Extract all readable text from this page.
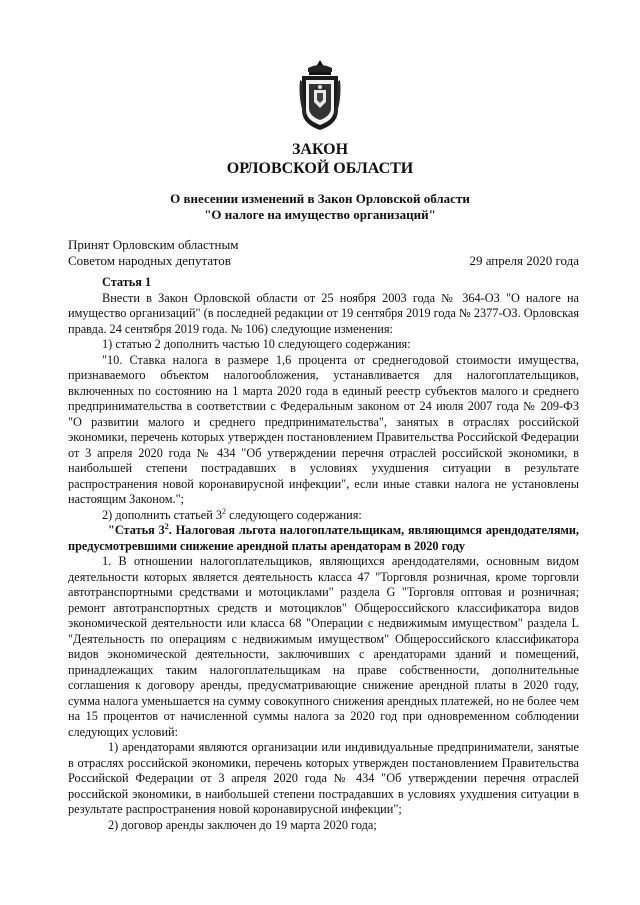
ЗАКОН
ОРЛОВСКОЙ ОБЛАСТИ
О внесении изменений в Закон Орловской области
"О налоге на имущество организаций"
Принят Орловским областным
Советом народных депутатов	29 апреля 2020 года

Статья 1

Внести в Закон Орловской области от 25 ноября 2003 года № 364-ОЗ "О налоге на имущество организаций" (в последней редакции от 19 сентября 2019 года № 2377-ОЗ. Орловская правда. 24 сентября 2019 года. № 106) следующие изменения:

1) статью 2 дополнить частью 10 следующего содержания:

"10. Ставка налога в размере 1,6 процента от среднегодовой стоимости имущества, признаваемого объектом налогообложения, устанавливается для налогоплательщиков, включенных по состоянию на 1 марта 2020 года в единый реестр субъектов малого и среднего предпринимательства в соответствии с Федеральным законом от 24 июля 2007 года № 209-ФЗ "О развитии малого и среднего предпринимательства", занятых в отраслях российской экономики, перечень которых утвержден постановлением Правительства Российской Федерации от 3 апреля 2020 года № 434 "Об утверждении перечня отраслей российской экономики, в наибольшей степени пострадавших в условиях ухудшения ситуации в результате распространения новой коронавирусной инфекции", если иные ставки налога не установлены настоящим Законом.";

2) дополнить статьей $3^2$ следующего содержания:

"Статья $3^2$. Налоговая льгота налогоплательщикам, являющимся арендодателями, предусмотревшими снижение арендной платы арендаторам в 2020 году

1. В отношении налогоплательщиков, являющихся арендодателями, основным видом деятельности которых является деятельность класса 47 "Торговля розничная, кроме торговли автотранспортными средствами и мотоциклами" раздела G "Торговля оптовая и розничная; ремонт автотранспортных средств и мотоциклов" Общероссийского классификатора видов экономической деятельности или класса 68 "Операции с недвижимым имуществом" раздела L "Деятельность по операциям с недвижимым имуществом" Общероссийского классификатора видов экономической деятельности, заключивших с арендаторами зданий и помещений, принадлежащих таким налогоплательщикам на праве собственности, дополнительные соглашения к договору аренды, предусматривающие снижение арендной платы в 2020 году, сумма налога уменьшается на сумму совокупного снижения арендных платежей, но не более чем на 15 процентов от начисленной суммы налога за 2020 год при одновременном соблюдении следующих условий:

1) арендаторами являются организации или индивидуальные предприниматели, занятые в отраслях российской экономики, перечень которых утвержден постановлением Правительства Российской Федерации от 3 апреля 2020 года № 434 "Об утверждении перечня отраслей российской экономики, в наибольшей степени пострадавших в условиях ухудшения ситуации в результате распространения новой коронавирусной инфекции";

2) договор аренды заключен до 19 марта 2020 года;
